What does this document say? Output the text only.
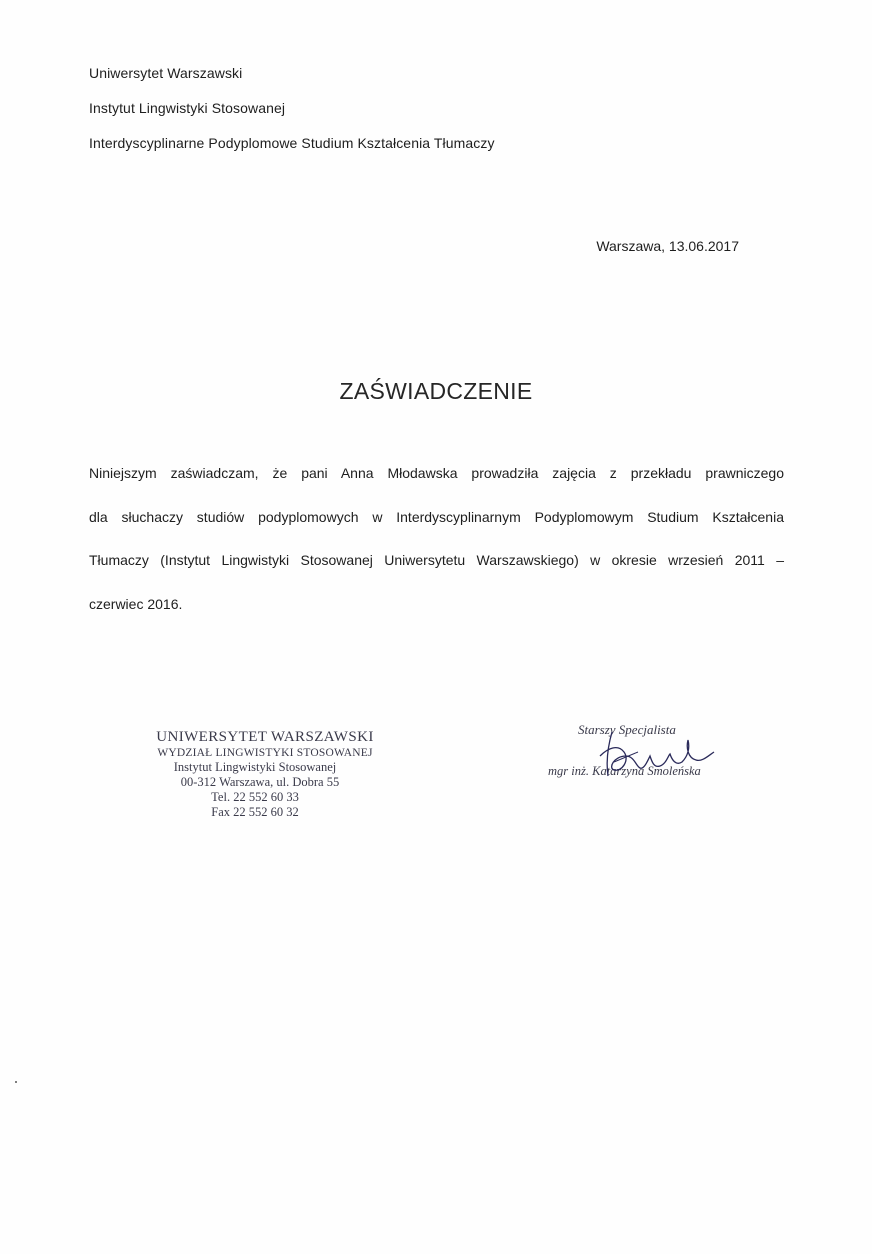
Uniwersytet Warszawski
Instytut Lingwistyki Stosowanej
Interdyscyplinarne Podyplomowe Studium Kształcenia Tłumaczy
Warszawa, 13.06.2017
ZAŚWIADCZENIE
Niniejszym zaświadczam, że pani Anna Młodawska prowadziła zajęcia z przekładu prawniczego
dla słuchaczy studiów podyplomowych w Interdyscyplinarnym Podyplomowym Studium Kształcenia
Tłumaczy (Instytut Lingwistyki Stosowanej Uniwersytetu Warszawskiego) w okresie wrzesień 2011 –
czerwiec 2016.
UNIWERSYTET WARSZAWSKI
WYDZIAŁ LINGWISTYKI STOSOWANEJ
Instytut Lingwistyki Stosowanej
00-312 Warszawa, ul. Dobra 55
Tel. 22 552 60 33
Fax 22 552 60 32
Starszy Specjalista
mgr inż. Katarzyna Smoleńska
